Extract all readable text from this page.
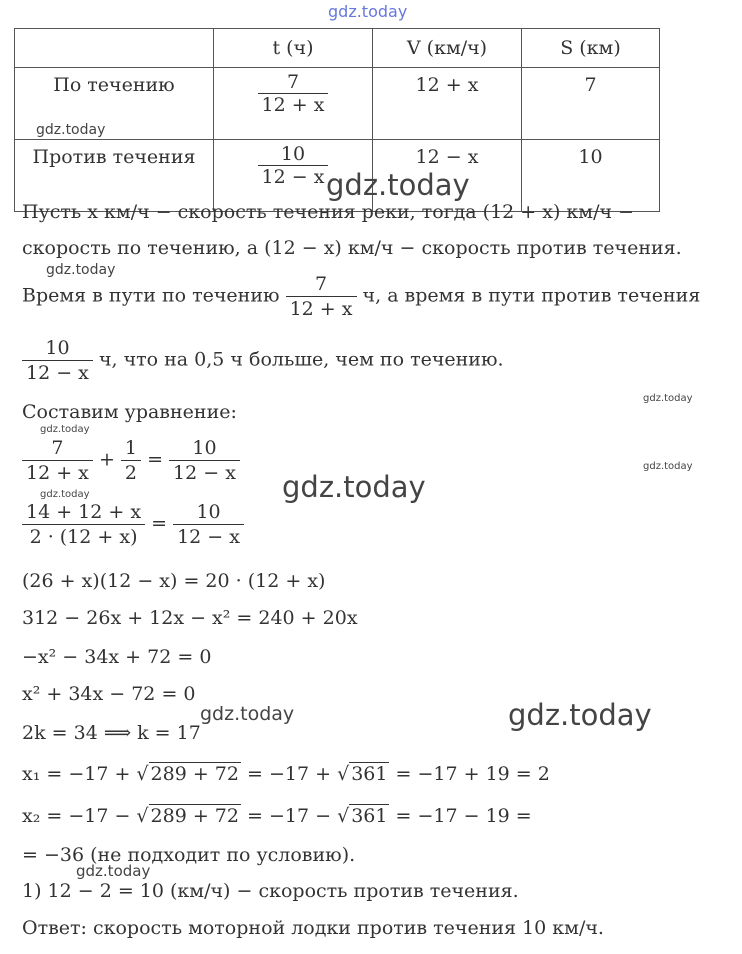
gdz.today
	t (ч)	V (км/ч)	S (км)
По течению	$\frac{7}{12 + x}$	12 + x	7
Против течения	$\frac{10}{12 - x}$	12 − x	10
Пусть x км/ч − скорость течения реки, тогда (12 + x) км/ч −
скорость по течению, а (12 − x) км/ч − скорость против течения.
Время в пути по течению $\frac{7}{12 + x} ч$, а время в пути против течения
$\frac{10}{12 - x} ч$, что на 0,5 ч больше, чем по течению.
Составим уравнение:
$\frac{7}{12 + x} + \frac{1}{2} = \frac{10}{12 - x}$
$\frac{14 + 12 + x}{2 \cdot (12 + x)} = \frac{10}{12 - x}$
(26 + x)(12 − x) = 20 · (12 + x)
312 − 26x + 12x − x² = 240 + 20x
−x² − 34x + 72 = 0
x² + 34x − 72 = 0
2k = 34 ⟹ k = 17
x₁ = −17 + √ 289 + 72 = −17 + √ 361 = −17 + 19 = 2
x₂ = −17 − √ 289 + 72 = −17 − √ 361 = −17 − 19 =
= −36 (не подходит по условию).
1) 12 − 2 = 10 (км/ч) − скорость против течения.
Ответ: скорость моторной лодки против течения 10 км/ч.
gdz.today
gdz.today
gdz.today
gdz.today
gdz.today
gdz.today
gdz.today
gdz.today
gdz.today	gdz.today
gdz.today
